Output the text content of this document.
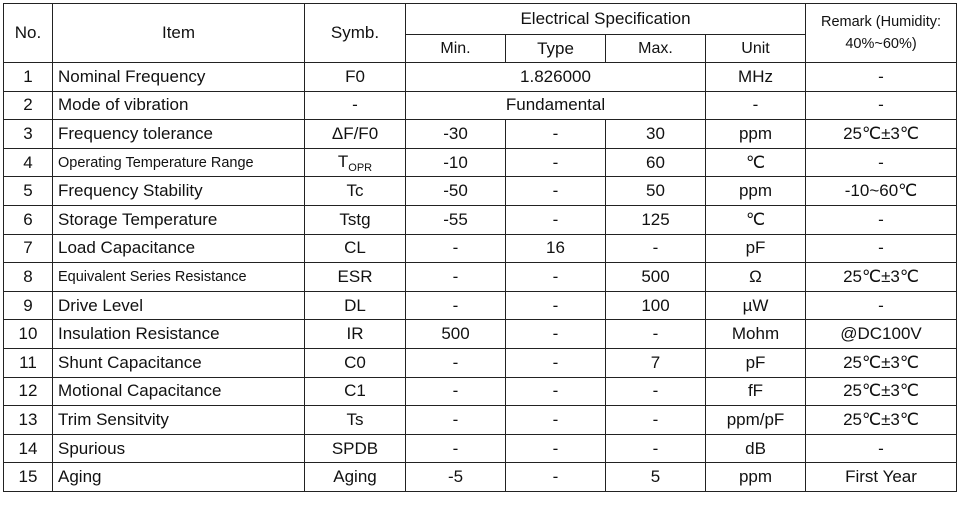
No.	Item	Symb.	Electrical Specification				Remark (Humidity: 40%~60%)
			Min.	Type	Max.	Unit	
1	Nominal Frequency	F0	1.826000			MHz	-
2	Mode of vibration	-	Fundamental			-	-
3	Frequency tolerance	ΔF/F0	-30	-	30	ppm	25℃±3℃
4	Operating Temperature Range	$T_{OPR}$	-10	-	60	℃	-
5	Frequency Stability	Tc	-50	-	50	ppm	-10~60℃
6	Storage Temperature	Tstg	-55	-	125	℃	-
7	Load Capacitance	CL	-	16	-	pF	-
8	Equivalent Series Resistance	ESR	-	-	500	Ω	25℃±3℃
9	Drive Level	DL	-	-	100	µW	-
10	Insulation Resistance	IR	500	-	-	Mohm	@DC100V
11	Shunt Capacitance	C0	-	-	7	pF	25℃±3℃
12	Motional Capacitance	C1	-	-	-	fF	25℃±3℃
13	Trim Sensitvity	Ts	-	-	-	ppm/pF	25℃±3℃
14	Spurious	SPDB	-	-	-	dB	-
15	Aging	Aging	-5	-	5	ppm	First Year
